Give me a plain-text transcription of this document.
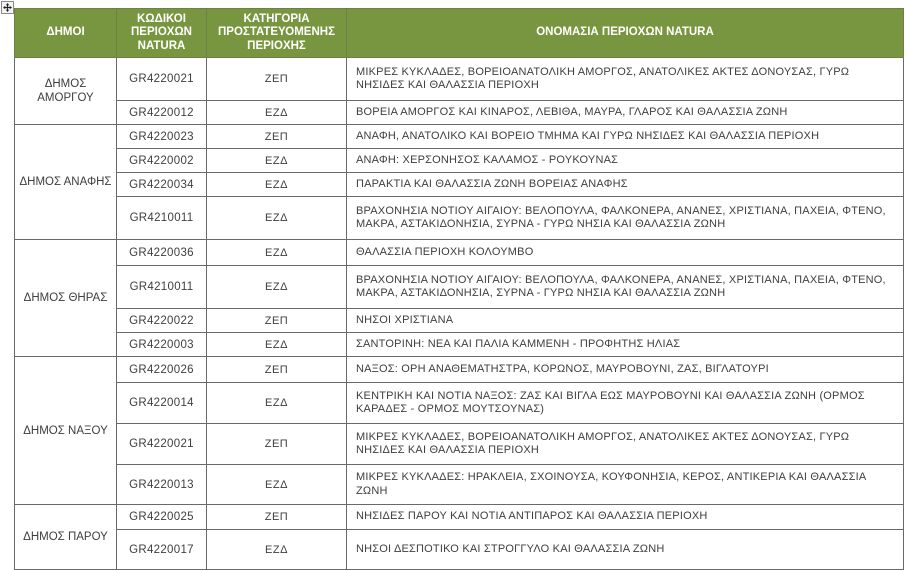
ΔΗΜΟΙ	ΚΩΔΙΚΟΙ ΠΕΡΙΟΧΩΝ NATURA	ΚΑΤΗΓΟΡΙΑ ΠΡΟΣΤΑΤΕΥΟΜΕΝΗΣ ΠΕΡΙΟΧΗΣ	ΟΝΟΜΑΣΙΑ ΠΕΡΙΟΧΩΝ NATURA
ΔΗΜΟΣ ΑΜΟΡΓΟΥ	GR4220021	ΖΕΠ	ΜΙΚΡΕΣ ΚΥΚΛΑΔΕΣ, ΒΟΡΕΙΟΑΝΑΤΟΛΙΚΗ ΑΜΟΡΓΟΣ, ΑΝΑΤΟΛΙΚΕΣ ΑΚΤΕΣ ΔΟΝΟΥΣΑΣ, ΓΥΡΩ ΝΗΣΙΔΕΣ ΚΑΙ ΘΑΛΑΣΣΙΑ ΠΕΡΙΟΧΗ
	GR4220012	ΕΖΔ	ΒΟΡΕΙΑ ΑΜΟΡΓΟΣ ΚΑΙ ΚΙΝΑΡΟΣ, ΛΕΒΙΘΑ, ΜΑΥΡΑ, ΓΛΑΡΟΣ ΚΑΙ ΘΑΛΑΣΣΙΑ ΖΩΝΗ
ΔΗΜΟΣ ΑΝΑΦΗΣ	GR4220023	ΖΕΠ	ΑΝΑΦΗ, ΑΝΑΤΟΛΙΚΟ ΚΑΙ ΒΟΡΕΙΟ ΤΜΗΜΑ ΚΑΙ ΓΥΡΩ ΝΗΣΙΔΕΣ ΚΑΙ ΘΑΛΑΣΣΙΑ ΠΕΡΙΟΧΗ
	GR4220002	ΕΖΔ	ΑΝΑΦΗ: ΧΕΡΣΟΝΗΣΟΣ ΚΑΛΑΜΟΣ - ΡΟΥΚΟΥΝΑΣ
	GR4220034	ΕΖΔ	ΠΑΡΑΚΤΙΑ ΚΑΙ ΘΑΛΑΣΣΙΑ ΖΩΝΗ ΒΟΡΕΙΑΣ ΑΝΑΦΗΣ
	GR4210011	ΕΖΔ	ΒΡΑΧΟΝΗΣΙΑ ΝΟΤΙΟΥ ΑΙΓΑΙΟΥ: ΒΕΛΟΠΟΥΛΑ, ΦΑΛΚΟΝΕΡΑ, ΑΝΑΝΕΣ, ΧΡΙΣΤΙΑΝΑ, ΠΑΧΕΙΑ, ΦΤΕΝΟ, ΜΑΚΡΑ, ΑΣΤΑΚΙΔΟΝΗΣΙΑ, ΣΥΡΝΑ - ΓΥΡΩ ΝΗΣΙΑ ΚΑΙ ΘΑΛΑΣΣΙΑ ΖΩΝΗ
ΔΗΜΟΣ ΘΗΡΑΣ	GR4220036	ΕΖΔ	ΘΑΛΑΣΣΙΑ ΠΕΡΙΟΧΗ ΚΟΛΟΥΜΒΟ
	GR4210011	ΕΖΔ	ΒΡΑΧΟΝΗΣΙΑ ΝΟΤΙΟΥ ΑΙΓΑΙΟΥ: ΒΕΛΟΠΟΥΛΑ, ΦΑΛΚΟΝΕΡΑ, ΑΝΑΝΕΣ, ΧΡΙΣΤΙΑΝΑ, ΠΑΧΕΙΑ, ΦΤΕΝΟ, ΜΑΚΡΑ, ΑΣΤΑΚΙΔΟΝΗΣΙΑ, ΣΥΡΝΑ - ΓΥΡΩ ΝΗΣΙΑ ΚΑΙ ΘΑΛΑΣΣΙΑ ΖΩΝΗ
	GR4220022	ΖΕΠ	ΝΗΣΟΙ ΧΡΙΣΤΙΑΝΑ
	GR4220003	ΕΖΔ	ΣΑΝΤΟΡΙΝΗ: ΝΕΑ ΚΑΙ ΠΑΛΙΑ ΚΑΜΜΕΝΗ - ΠΡΟΦΗΤΗΣ ΗΛΙΑΣ
ΔΗΜΟΣ ΝΑΞΟΥ	GR4220026	ΖΕΠ	ΝΑΞΟΣ: ΟΡΗ ΑΝΑΘΕΜΑΤΗΣΤΡΑ, ΚΟΡΩΝΟΣ, ΜΑΥΡΟΒΟΥΝΙ, ΖΑΣ, ΒΙΓΛΑΤΟΥΡΙ
	GR4220014	ΕΖΔ	ΚΕΝΤΡΙΚΗ ΚΑΙ ΝΟΤΙΑ ΝΑΞΟΣ: ΖΑΣ ΚΑΙ ΒΙΓΛΑ ΕΩΣ ΜΑΥΡΟΒΟΥΝΙ ΚΑΙ ΘΑΛΑΣΣΙΑ ΖΩΝΗ (ΟΡΜΟΣ ΚΑΡΑΔΕΣ - ΟΡΜΟΣ ΜΟΥΤΣΟΥΝΑΣ)
	GR4220021	ΖΕΠ	ΜΙΚΡΕΣ ΚΥΚΛΑΔΕΣ, ΒΟΡΕΙΟΑΝΑΤΟΛΙΚΗ ΑΜΟΡΓΟΣ, ΑΝΑΤΟΛΙΚΕΣ ΑΚΤΕΣ ΔΟΝΟΥΣΑΣ, ΓΥΡΩ ΝΗΣΙΔΕΣ ΚΑΙ ΘΑΛΑΣΣΙΑ ΠΕΡΙΟΧΗ
	GR4220013	ΕΖΔ	ΜΙΚΡΕΣ ΚΥΚΛΑΔΕΣ: ΗΡΑΚΛΕΙΑ, ΣΧΟΙΝΟΥΣΑ, ΚΟΥΦΟΝΗΣΙΑ, ΚΕΡΟΣ, ΑΝΤΙΚΕΡΙΑ ΚΑΙ ΘΑΛΑΣΣΙΑ ΖΩΝΗ
ΔΗΜΟΣ ΠΑΡΟΥ	GR4220025	ΖΕΠ	ΝΗΣΙΔΕΣ ΠΑΡΟΥ ΚΑΙ ΝΟΤΙΑ ΑΝΤΙΠΑΡΟΣ ΚΑΙ ΘΑΛΑΣΣΙΑ ΠΕΡΙΟΧΗ
	GR4220017	ΕΖΔ	ΝΗΣΟΙ ΔΕΣΠΟΤΙΚΟ ΚΑΙ ΣΤΡΟΓΓΥΛΟ ΚΑΙ ΘΑΛΑΣΣΙΑ ΖΩΝΗ
